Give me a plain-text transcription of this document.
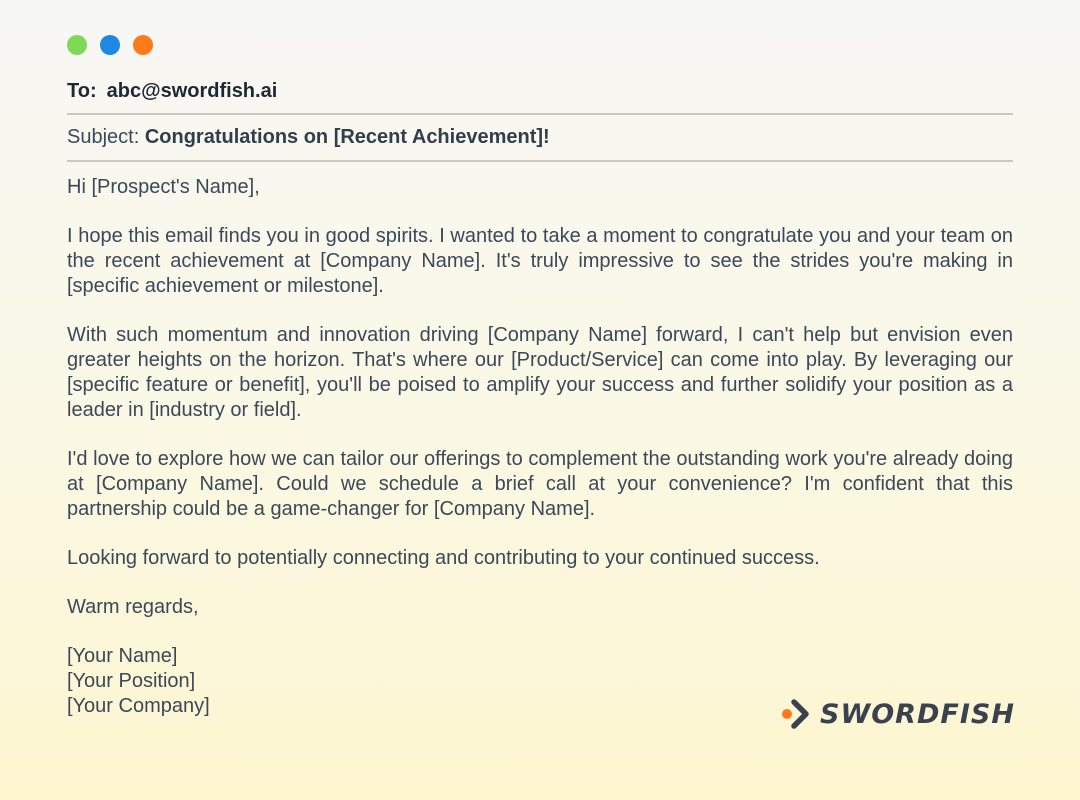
To: abc@swordfish.ai
Subject: Congratulations on [Recent Achievement]!

Hi [Prospect's Name],

I hope this email finds you in good spirits. I wanted to take a moment to congratulate you and your team on the recent achievement at [Company Name]. It's truly impressive to see the strides you're making in [specific achievement or milestone].

With such momentum and innovation driving [Company Name] forward, I can't help but envision even greater heights on the horizon. That's where our [Product/Service] can come into play. By leveraging our [specific feature or benefit], you'll be poised to amplify your success and further solidify your position as a leader in [industry or field].

I'd love to explore how we can tailor our offerings to complement the outstanding work you're already doing at [Company Name]. Could we schedule a brief call at your convenience? I'm confident that this partnership could be a game-changer for [Company Name].

Looking forward to potentially connecting and contributing to your continued success.

Warm regards,

[Your Name]
[Your Position]
[Your Company]	SWORDFISH
